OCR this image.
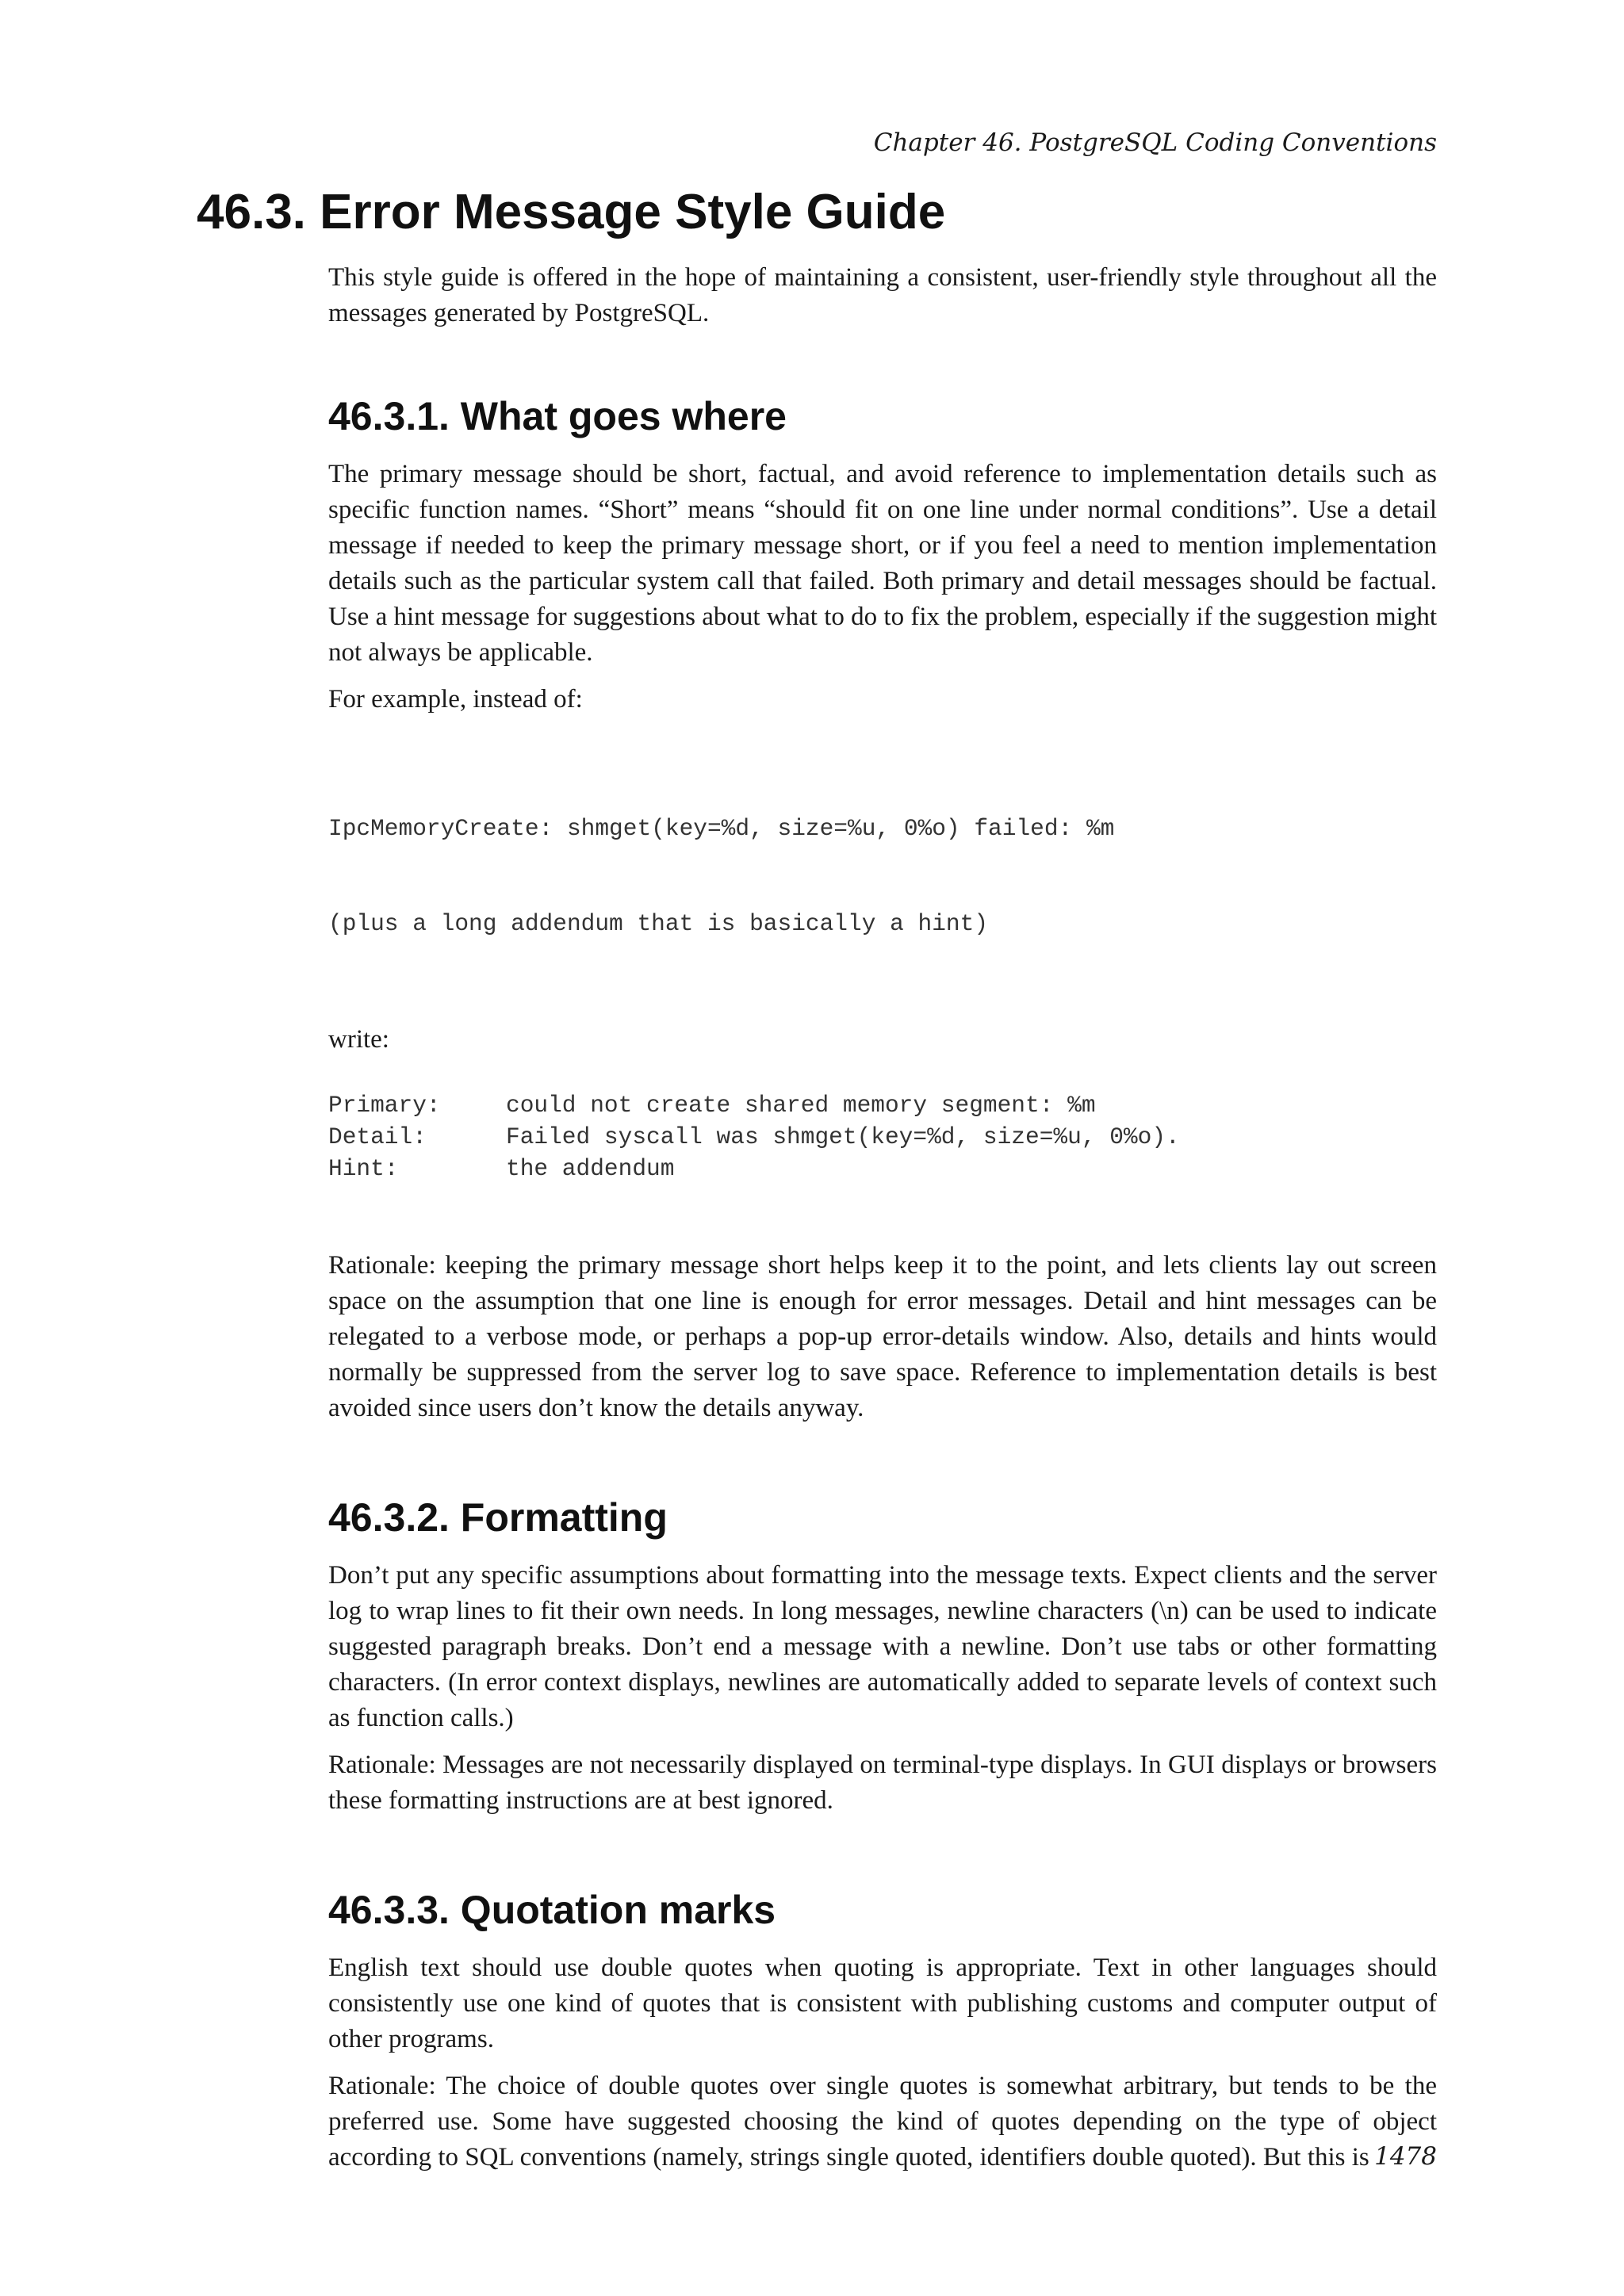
Chapter 46. PostgreSQL Coding Conventions
46.3. Error Message Style Guide

This style guide is offered in the hope of maintaining a consistent, user-friendly style throughout all the messages generated by PostgreSQL.

46.3.1. What goes where

The primary message should be short, factual, and avoid reference to implementation details such as specific function names. “Short” means “should fit on one line under normal conditions”. Use a detail message if needed to keep the primary message short, or if you feel a need to mention implementation details such as the particular system call that failed. Both primary and detail messages should be factual. Use a hint message for suggestions about what to do to fix the problem, especially if the suggestion might not always be applicable.

For example, instead of:

IpcMemoryCreate: shmget(key=%d, size=%u, 0%o) failed: %m

(plus a long addendum that is basically a hint)

write:

Primary:	could not create shared memory segment: %m
Detail:	Failed syscall was shmget(key=%d, size=%u, 0%o).
Hint:	the addendum

Rationale: keeping the primary message short helps keep it to the point, and lets clients lay out screen space on the assumption that one line is enough for error messages. Detail and hint messages can be relegated to a verbose mode, or perhaps a pop-up error-details window. Also, details and hints would normally be suppressed from the server log to save space. Reference to implementation details is best avoided since users don’t know the details anyway.

46.3.2. Formatting

Don’t put any specific assumptions about formatting into the message texts. Expect clients and the server log to wrap lines to fit their own needs. In long messages, newline characters (\n) can be used to indicate suggested paragraph breaks. Don’t end a message with a newline. Don’t use tabs or other formatting characters. (In error context displays, newlines are automatically added to separate levels of context such as function calls.)

Rationale: Messages are not necessarily displayed on terminal-type displays. In GUI displays or browsers these formatting instructions are at best ignored.

46.3.3. Quotation marks

English text should use double quotes when quoting is appropriate. Text in other languages should consistently use one kind of quotes that is consistent with publishing customs and computer output of other programs.

Rationale: The choice of double quotes over single quotes is somewhat arbitrary, but tends to be the preferred use. Some have suggested choosing the kind of quotes depending on the type of object according to SQL conventions (namely, strings single quoted, identifiers double quoted). But this is 1478
